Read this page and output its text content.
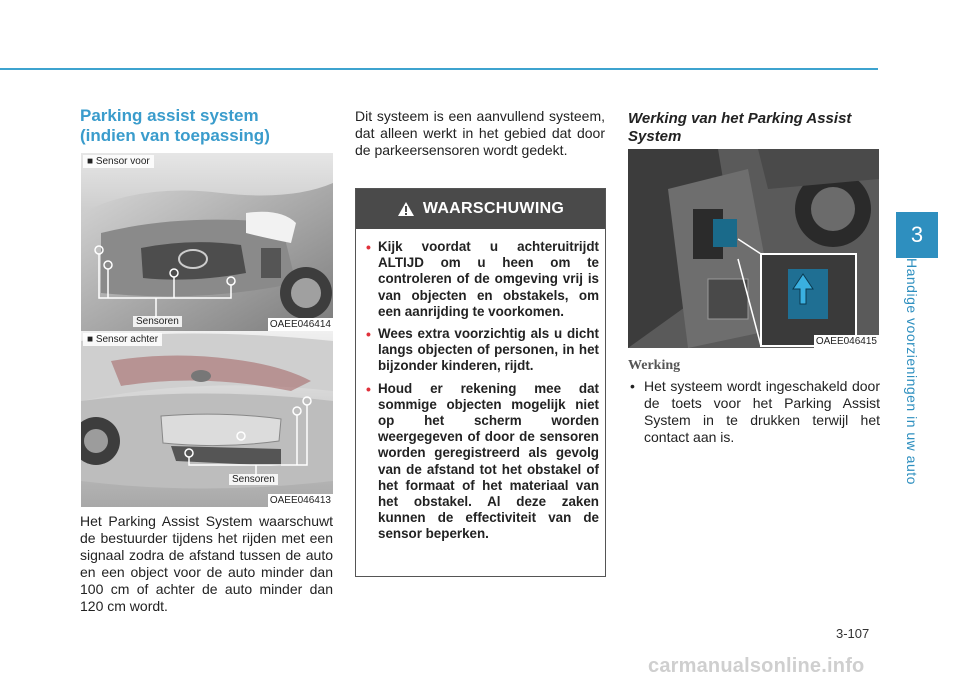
3
Handige voorzieningen in uw auto
Parking assist system
(indien van toepassing)
■ Sensor voor
Sensoren	OAEE046414
■ Sensor achter
Sensoren
OAEE046413

Het Parking Assist System waarschuwt de bestuurder tijdens het rijden met een signaal zodra de afstand tussen de auto en een object voor de auto minder dan 100 cm of achter de auto minder dan 120 cm wordt.

Dit systeem is een aanvullend systeem, dat alleen werkt in het gebied dat door de parkeersensoren wordt gedekt.

WAARSCHUWING
• Kijk voordat u achteruitrijdt ALTIJD om u heen om te controleren of de omgeving vrij is van objecten en obstakels, om een aanrijding te voorkomen.
• Wees extra voorzichtig als u dicht langs objecten of personen, in het bijzonder kinderen, rijdt.
• Houd er rekening mee dat sommige objecten mogelijk niet op het scherm worden weergegeven of door de sensoren worden geregistreerd als gevolg van de afstand tot het obstakel of het formaat of het materiaal van het obstakel. Al deze zaken kunnen de effectiviteit van de sensor beperken.
Werking van het Parking Assist
System
OAEE046415
Werking
• Het systeem wordt ingeschakeld door de toets voor het Parking Assist System in te drukken terwijl het contact aan is.

3-107
carmanualsonline.info
